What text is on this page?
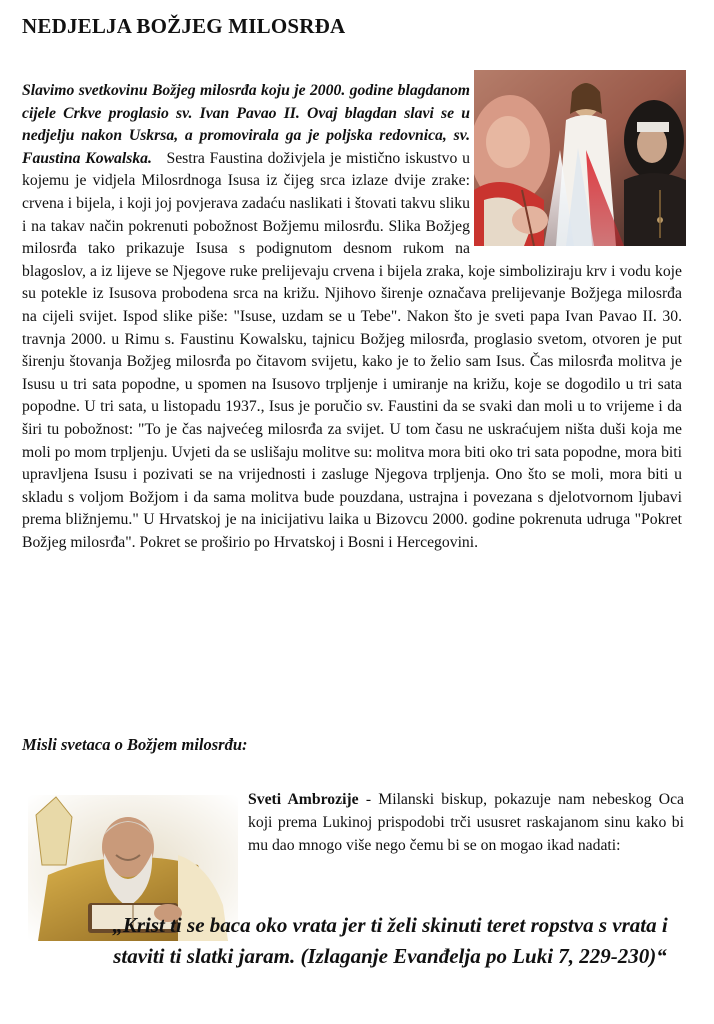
NEDJELJA BOŽJEG MILOSRĐA

Slavimo svetkovinu Božjeg milosrđa koju je 2000. godine blagdanom cijele Crkve proglasio sv. Ivan Pavao II. Ovaj blagdan slavi se u nedjelju nakon Uskrsa, a promovirala ga je poljska redovnica, sv. Faustina Kowalska. Sestra Faustina doživjela je mistično iskustvo u kojemu je vidjela Milosrdnoga Isusa iz čijeg srca izlaze dvije zrake: crvena i bijela, i koji joj povjerava zadaću naslikati i štovati takvu sliku i na takav način pokrenuti pobožnost Božjemu milosrđu. Slika Božjeg milosrđa tako prikazuje Isusa s podignutom desnom rukom na blagoslov, a iz lijeve se Njegove ruke prelijevaju crvena i bijela zraka, koje simboliziraju krv i vodu koje su potekle iz Isusova probodena srca na križu. Njihovo širenje označava prelijevanje Božjega milosrđa na cijeli svijet. Ispod slike piše: "Isuse, uzdam se u Tebe". Nakon što je sveti papa Ivan Pavao II. 30. travnja 2000. u Rimu s. Faustinu Kowalsku, tajnicu Božjeg milosrđa, proglasio svetom, otvoren je put širenju štovanja Božjeg milosrđa po čitavom svijetu, kako je to želio sam Isus. Čas milosrđa molitva je Isusu u tri sata popodne, u spomen na Isusovo trpljenje i umiranje na križu, koje se dogodilo u tri sata popodne. U tri sata, u listopadu 1937., Isus je poručio sv. Faustini da se svaki dan moli u to vrijeme i da širi tu pobožnost: "To je čas najvećeg milosrđa za svijet. U tom času ne uskraćujem ništa duši koja me moli po mom trpljenju. Uvjeti da se uslišaju molitve su: molitva mora biti oko tri sata popodne, mora biti upravljena Isusu i pozivati se na vrijednosti i zasluge Njegova trpljenja. Ono što se moli, mora biti u skladu s voljom Božjom i da sama molitva bude pouzdana, ustrajna i povezana s djelotvornom ljubavi prema bližnjemu." U Hrvatskoj je na inicijativu laika u Bizovcu 2000. godine pokrenuta udruga "Pokret Božjeg milosrđa". Pokret se proširio po Hrvatskoj i Bosni i Hercegovini.

Misli svetaca o Božjem milosrđu:

Sveti Ambrozije - Milanski biskup, pokazuje nam nebeskog Oca koji prema Lukinoj prispodobi trči ususret raskajanom sinu kako bi mu dao mnogo više nego čemu bi se on mogao ikad nadati:

„Krist ti se baca oko vrata jer ti želi skinuti teret ropstva s vrata i staviti ti slatki jaram. (Izlaganje Evanđelja po Luki 7, 229-230)“
